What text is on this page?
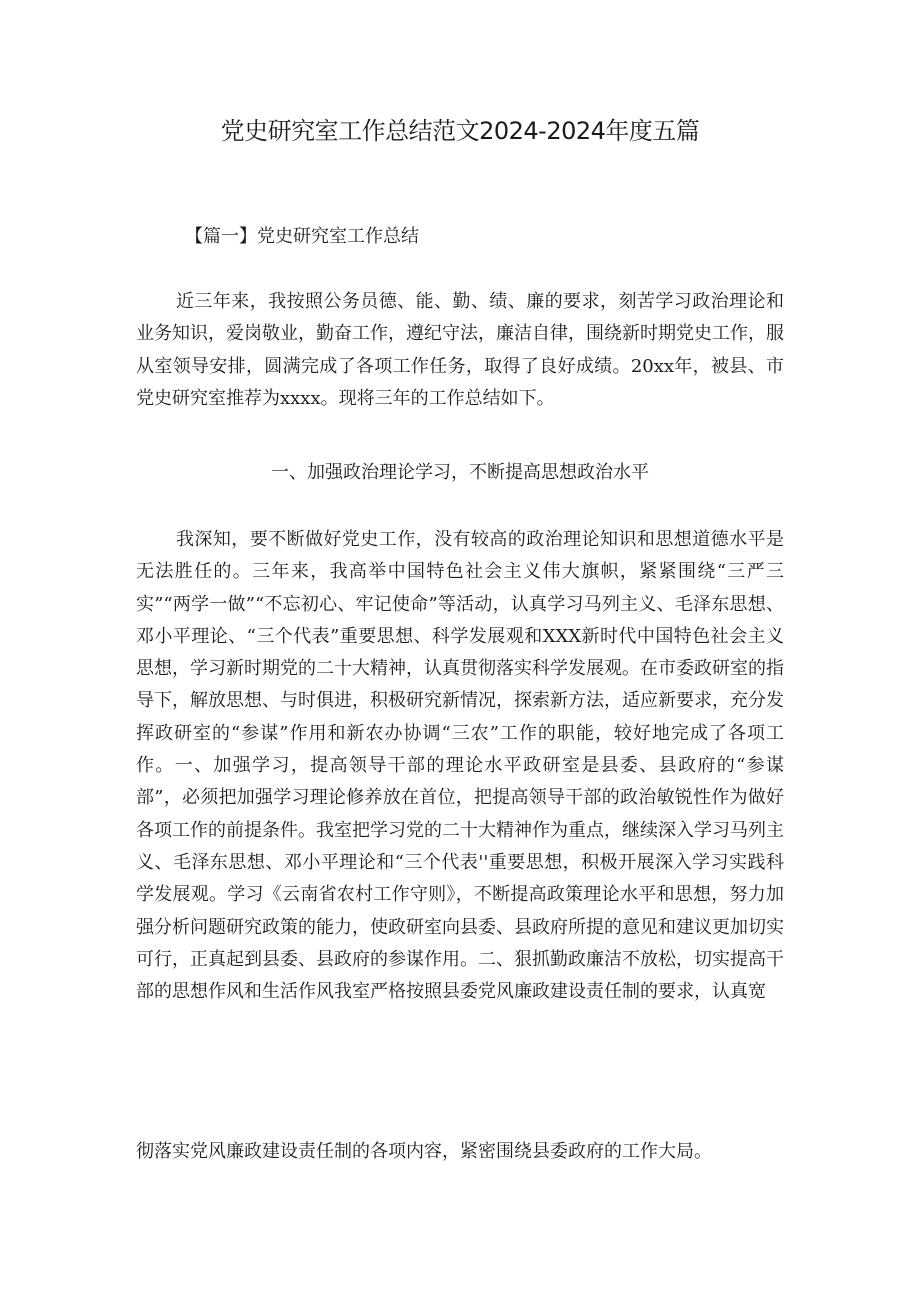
党史研究室工作总结范文2024-2024年度五篇

【篇一】党史研究室工作总结

近三年来，我按照公务员德、能、勤、绩、廉的要求，刻苦学习政治理论和业务知识，爱岗敬业，勤奋工作，遵纪守法，廉洁自律，围绕新时期党史工作，服从室领导安排，圆满完成了各项工作任务，取得了良好成绩。20xx年，被县、市党史研究室推荐为xxxx。现将三年的工作总结如下。

一、加强政治理论学习，不断提高思想政治水平

我深知，要不断做好党史工作，没有较高的政治理论知识和思想道德水平是无法胜任的。三年来，我高举中国特色社会主义伟大旗帜，紧紧围绕“三严三实”“两学一做”“不忘初心、牢记使命”等活动，认真学习马列主义、毛泽东思想、邓小平理论、“三个代表”重要思想、科学发展观和XXX新时代中国特色社会主义思想，学习新时期党的二十大精神，认真贯彻落实科学发展观。在市委政研室的指导下，解放思想、与时俱进，积极研究新情况，探索新方法，适应新要求，充分发挥政研室的“参谋”作用和新农办协调“三农”工作的职能，较好地完成了各项工作。一、加强学习，提高领导干部的理论水平政研室是县委、县政府的“参谋部”，必须把加强学习理论修养放在首位，把提高领导干部的政治敏锐性作为做好各项工作的前提条件。我室把学习党的二十大精神作为重点，继续深入学习马列主义、毛泽东思想、邓小平理论和“三个代表''重要思想，积极开展深入学习实践科学发展观。学习《云南省农村工作守则》，不断提高政策理论水平和思想，努力加强分析问题研究政策的能力，使政研室向县委、县政府所提的意见和建议更加切实可行，正真起到县委、县政府的参谋作用。二、狠抓勤政廉洁不放松，切实提高干部的思想作风和生活作风我室严格按照县委党风廉政建设责任制的要求，认真宽

彻落实党风廉政建设责任制的各项内容，紧密围绕县委政府的工作大局。
